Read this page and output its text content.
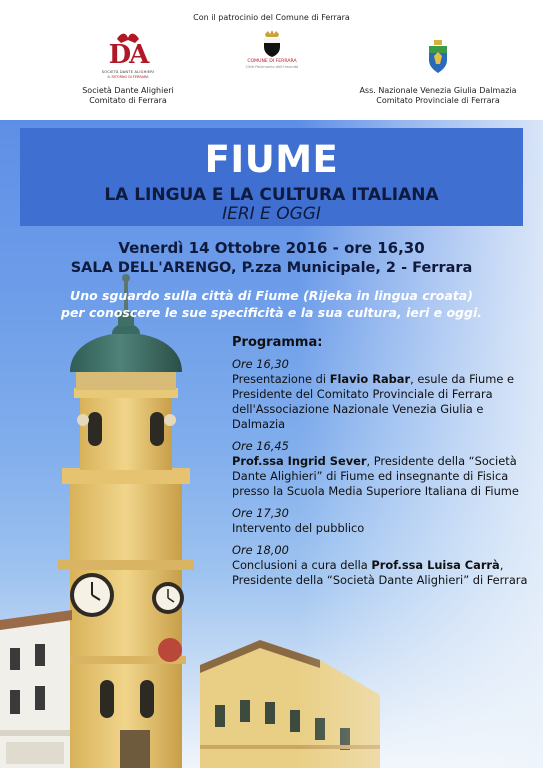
Con il patrocinio del Comune di Ferrara
DA
SOCIETÀ DANTE ALIGHIERI
IL RITORNO DI FERRARA
Società Dante Alighieri
Comitato di Ferrara
COMUNE DI FERRARA
Città Patrimonio dell'Umanità
Ass. Nazionale Venezia Giulia Dalmazia
Comitato Provinciale di Ferrara
FIUME
LA LINGUA E LA CULTURA ITALIANA
IERI E OGGI
Venerdì 14 Ottobre 2016 - ore 16,30
SALA DELL'ARENGO, P.zza Municipale, 2 - Ferrara
Uno sguardo sulla città di Fiume (Rijeka in lingua croata)
per conoscere le sue specificità e la sua cultura, ieri e oggi.
Programma:
Ore 16,30
Presentazione di Flavio Rabar, esule da Fiume e Presidente del Comitato Provinciale di Ferrara dell'Associazione Nazionale Venezia Giulia e Dalmazia
Ore 16,45
Prof.ssa Ingrid Sever, Presidente della “Società Dante Alighieri” di Fiume ed insegnante di Fisica presso la Scuola Media Superiore Italiana di Fiume
Ore 17,30
Intervento del pubblico
Ore 18,00
Conclusioni a cura della Prof.ssa Luisa Carrà, Presidente della “Società Dante Alighieri” di Ferrara
